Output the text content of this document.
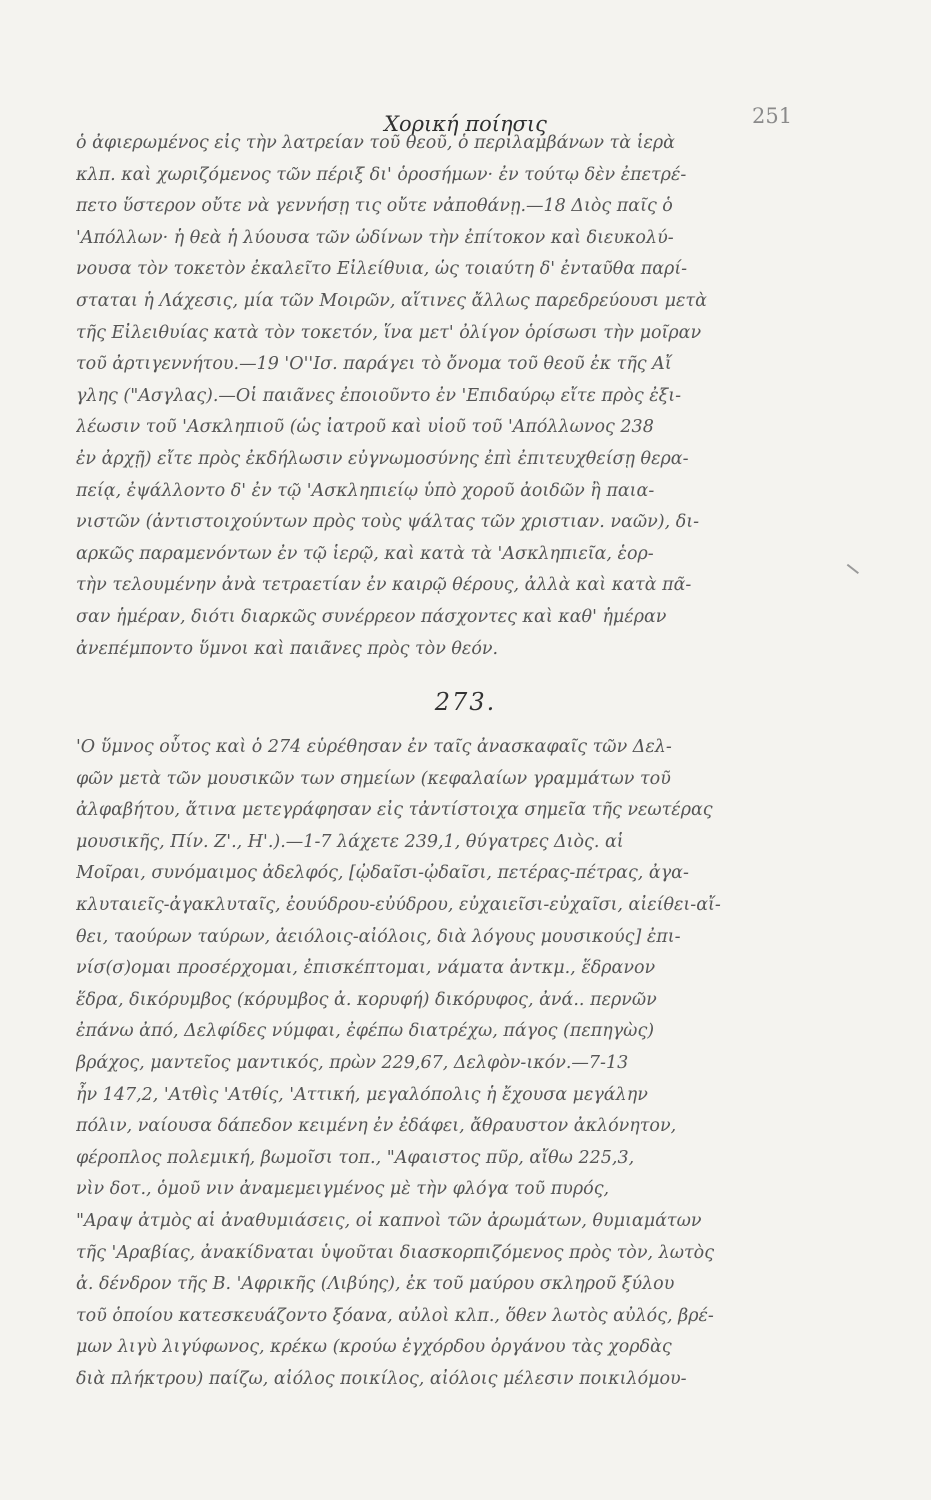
Χορική ποίησις	251
ὁ ἀφιερωμένος εἰς τὴν λατρείαν τοῦ θεοῦ, ὁ περιλαμβάνων τὰ ἱερὰ
κλπ. καὶ χωριζόμενος τῶν πέριξ δι' ὁροσήμων· ἐν τούτῳ δὲν ἐπετρέ-
πετο ὕστερον οὔτε νὰ γεννήσῃ τις οὔτε νἀποθάνῃ.—18 Διὸς παῖς ὁ
'Απόλλων· ἡ θεὰ ἡ λύουσα τῶν ὠδίνων τὴν ἐπίτοκον καὶ διευκολύ-
νουσα τὸν τοκετὸν ἐκαλεῖτο Εἰλείθυια, ὡς τοιαύτη δ' ἐνταῦθα παρί-
σταται ἡ Λάχεσις, μία τῶν Μοιρῶν, αἵτινες ἄλλως παρεδρεύουσι μετὰ
τῆς Εἰλειθυίας κατὰ τὸν τοκετόν, ἵνα μετ' ὀλίγον ὁρίσωσι τὴν μοῖραν
τοῦ ἀρτιγεννήτου.—19 'Ο''Ισ. παράγει τὸ ὄνομα τοῦ θεοῦ ἐκ τῆς Αἴ
γλης ("Ασγλας).—Οἱ παιᾶνες ἐποιοῦντο ἐν 'Επιδαύρῳ εἴτε πρὸς ἐξι-
λέωσιν τοῦ 'Ασκληπιοῦ (ὡς ἰατροῦ καὶ υἱοῦ τοῦ 'Απόλλωνος 238
ἐν ἀρχῇ) εἴτε πρὸς ἐκδήλωσιν εὐγνωμοσύνης ἐπὶ ἐπιτευχθείσῃ θερα-
πείᾳ, ἐψάλλοντο δ' ἐν τῷ 'Ασκληπιείῳ ὑπὸ χοροῦ ἀοιδῶν ἢ παια-
νιστῶν (ἀντιστοιχούντων πρὸς τοὺς ψάλτας τῶν χριστιαν. ναῶν), δι-
αρκῶς παραμενόντων ἐν τῷ ἱερῷ, καὶ κατὰ τὰ 'Ασκληπιεῖα, ἑορ-
τὴν τελουμένην ἀνὰ τετραετίαν ἐν καιρῷ θέρους, ἀλλὰ καὶ κατὰ πᾶ-
σαν ἡμέραν, διότι διαρκῶς συνέρρεον πάσχοντες καὶ καθ' ἡμέραν
ἀνεπέμποντο ὕμνοι καὶ παιᾶνες πρὸς τὸν θεόν.
273.
'Ο ὕμνος οὗτος καὶ ὁ 274 εὑρέθησαν ἐν ταῖς ἀνασκαφαῖς τῶν Δελ-
φῶν μετὰ τῶν μουσικῶν των σημείων (κεφαλαίων γραμμάτων τοῦ
ἀλφαβήτου, ἅτινα μετεγράφησαν εἰς τἀντίστοιχα σημεῖα τῆς νεωτέρας
μουσικῆς, Πίν. Ζ'., Η'.).—1-7 λάχετε 239,1, θύγατρες Διὸς. αἱ
Μοῖραι, συνόμαιμος ἀδελφός, [ᾠδαῖσι-ᾠδαῖσι, πετέρας-πέτρας, ἀγα-
κλυταιεῖς-ἀγακλυταῖς, ἐουύδρου-εὐύδρου, εὐχαιεῖσι-εὐχαῖσι, αἰείθει-αἴ-
θει, ταούρων ταύρων, ἀειόλοις-αἰόλοις, διὰ λόγους μουσικούς] ἐπι-
νίσ(σ)ομαι προσέρχομαι, ἐπισκέπτομαι, νάματα ἀντκμ., ἕδρανον
ἕδρα, δικόρυμβος (κόρυμβος ἀ. κορυφή) δικόρυφος, ἀνά.. περνῶν
ἐπάνω ἀπό, Δελφίδες νύμφαι, ἐφέπω διατρέχω, πάγος (πεπηγὼς)
βράχος, μαντεῖος μαντικός, πρὼν 229,67, Δελφὸν-ικόν.—7-13
ἦν 147,2, 'Ατθὶς 'Ατθίς, 'Αττική, μεγαλόπολις ἡ ἔχουσα μεγάλην
πόλιν, ναίουσα δάπεδον κειμένη ἐν ἐδάφει, ἄθραυστον ἀκλόνητον,
φέροπλος πολεμική, βωμοῖσι τοπ., "Αφαιστος πῦρ, αἴθω 225,3,
νὶν δοτ., ὁμοῦ νιν ἀναμεμειγμένος μὲ τὴν φλόγα τοῦ πυρός,
"Αραψ ἀτμὸς αἱ ἀναθυμιάσεις, οἱ καπνοὶ τῶν ἀρωμάτων, θυμιαμάτων
τῆς 'Αραβίας, ἀνακίδναται ὑψοῦται διασκορπιζόμενος πρὸς τὸν, λωτὸς
ἀ. δένδρον τῆς Β. 'Αφρικῆς (Λιβύης), ἐκ τοῦ μαύρου σκληροῦ ξύλου
τοῦ ὁποίου κατεσκευάζοντο ξόανα, αὐλοὶ κλπ., ὅθεν λωτὸς αὐλός, βρέ-
μων λιγὺ λιγύφωνος, κρέκω (κρούω ἐγχόρδου ὀργάνου τὰς χορδὰς
διὰ πλήκτρου) παίζω, αἰόλος ποικίλος, αἰόλοις μέλεσιν ποικιλόμου-
